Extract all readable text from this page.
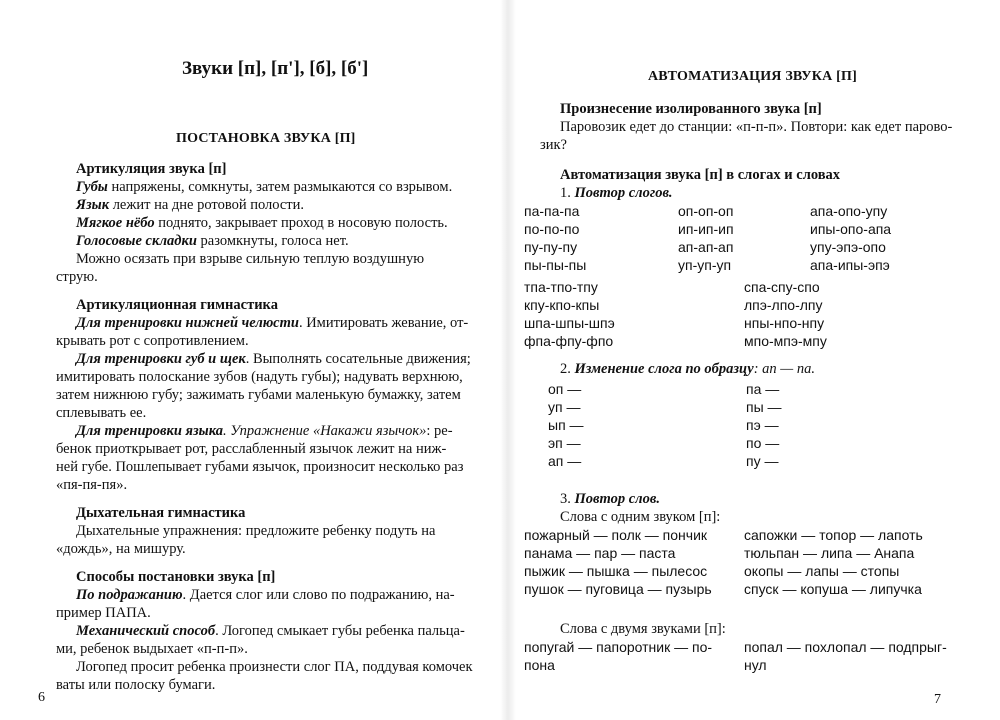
Звуки [п], [п'], [б], [б']
ПОСТАНОВКА ЗВУКА [П]
Артикуляция звука [п]
Губы напряжены, сомкнуты, затем размыкаются со взрывом.
Язык лежит на дне ротовой полости.
Мягкое нёбо поднято, закрывает проход в носовую полость.
Голосовые складки разомкнуты, голоса нет.
Можно осязать при взрыве сильную теплую воздушную
струю.
Артикуляционная гимнастика
Для тренировки нижней челюсти. Имитировать жевание, от-
крывать рот с сопротивлением.
Для тренировки губ и щек. Выполнять сосательные движения;
имитировать полоскание зубов (надуть губы); надувать верхнюю,
затем нижнюю губу; зажимать губами маленькую бумажку, затем
сплевывать ее.
Для тренировки языка. Упражнение «Накажи язычок»: ре-
бенок приоткрывает рот, расслабленный язычок лежит на ниж-
ней губе. Пошлепывает губами язычок, произносит несколько раз
«пя-пя-пя».
Дыхательная гимнастика
Дыхательные упражнения: предложите ребенку подуть на
«дождь», на мишуру.
Способы постановки звука [п]
По подражанию. Дается слог или слово по подражанию, на-
пример ПАПА.
Механический способ. Логопед смыкает губы ребенка пальца-
ми, ребенок выдыхает «п-п-п».
Логопед просит ребенка произнести слог ПА, поддувая комочек
ваты или полоску бумаги.
6
АВТОМАТИЗАЦИЯ ЗВУКА [П]
Произнесение изолированного звука [п]
Паровозик едет до станции: «п-п-п». Повтори: как едет парово-
зик?
Автоматизация звука [п] в слогах и словах
1. Повтор слогов.
па-па-па
по-по-по
пу-пу-пу
пы-пы-пы
оп-оп-оп
ип-ип-ип
ап-ап-ап
уп-уп-уп
апа-опо-упу
ипы-опо-апа
упу-эпэ-опо
апа-ипы-эпэ
тпа-тпо-тпу
кпу-кпо-кпы
шпа-шпы-шпэ
фпа-фпу-фпо
спа-спу-спо
лпэ-лпо-лпу
нпы-нпо-нпу
мпо-мпэ-мпу
2. Изменение слога по образцу: ап — па.
оп —
уп —
ып —
эп —
ап —
па —
пы —
пэ —
по —
пу —
3. Повтор слов.
Слова с одним звуком [п]:
пожарный — полк — пончик
панама — пар — паста
пыжик — пышка — пылесос
пушок — пуговица — пузырь
сапожки — топор — лапоть
тюльпан — липа — Анапа
окопы — лапы — стопы
спуск — копуша — липучка
Слова с двумя звуками [п]:
попугай — папоротник — по-
пона
попал — похлопал — подпрыг-
нул
7
